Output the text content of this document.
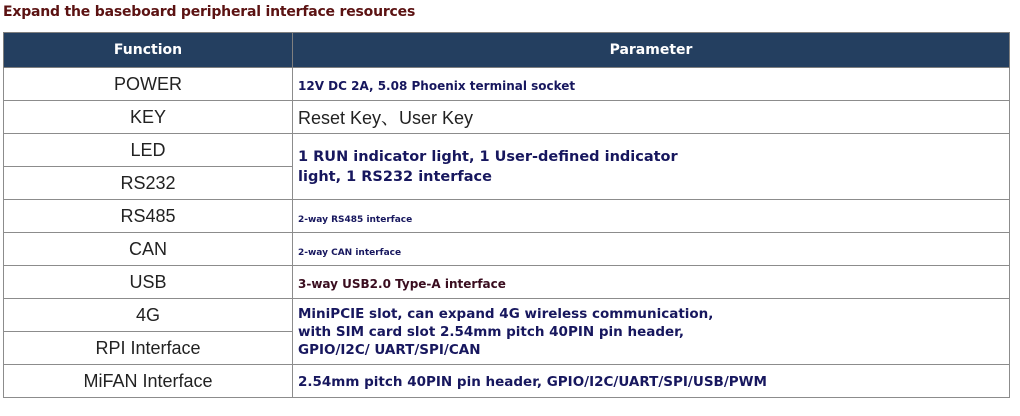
Expand the baseboard peripheral interface resources
Function	Parameter
POWER	12V DC 2A, 5.08 Phoenix terminal socket
KEY	Reset Key、User Key
LED	1 RUN indicator light, 1 User-defined indicator light, 1 RS232 interface

RS232	
RS485	2-way RS485 interface
CAN	2-way CAN interface
USB	3-way USB2.0 Type-A interface
4G	MiniPCIE slot, can expand 4G wireless communication, with SIM card slot 2.54mm pitch 40PIN pin header, GPIO/I2C/ UART/SPI/CAN

RPI Interface	
MiFAN Interface	2.54mm pitch 40PIN pin header, GPIO/I2C/UART/SPI/USB/PWM
